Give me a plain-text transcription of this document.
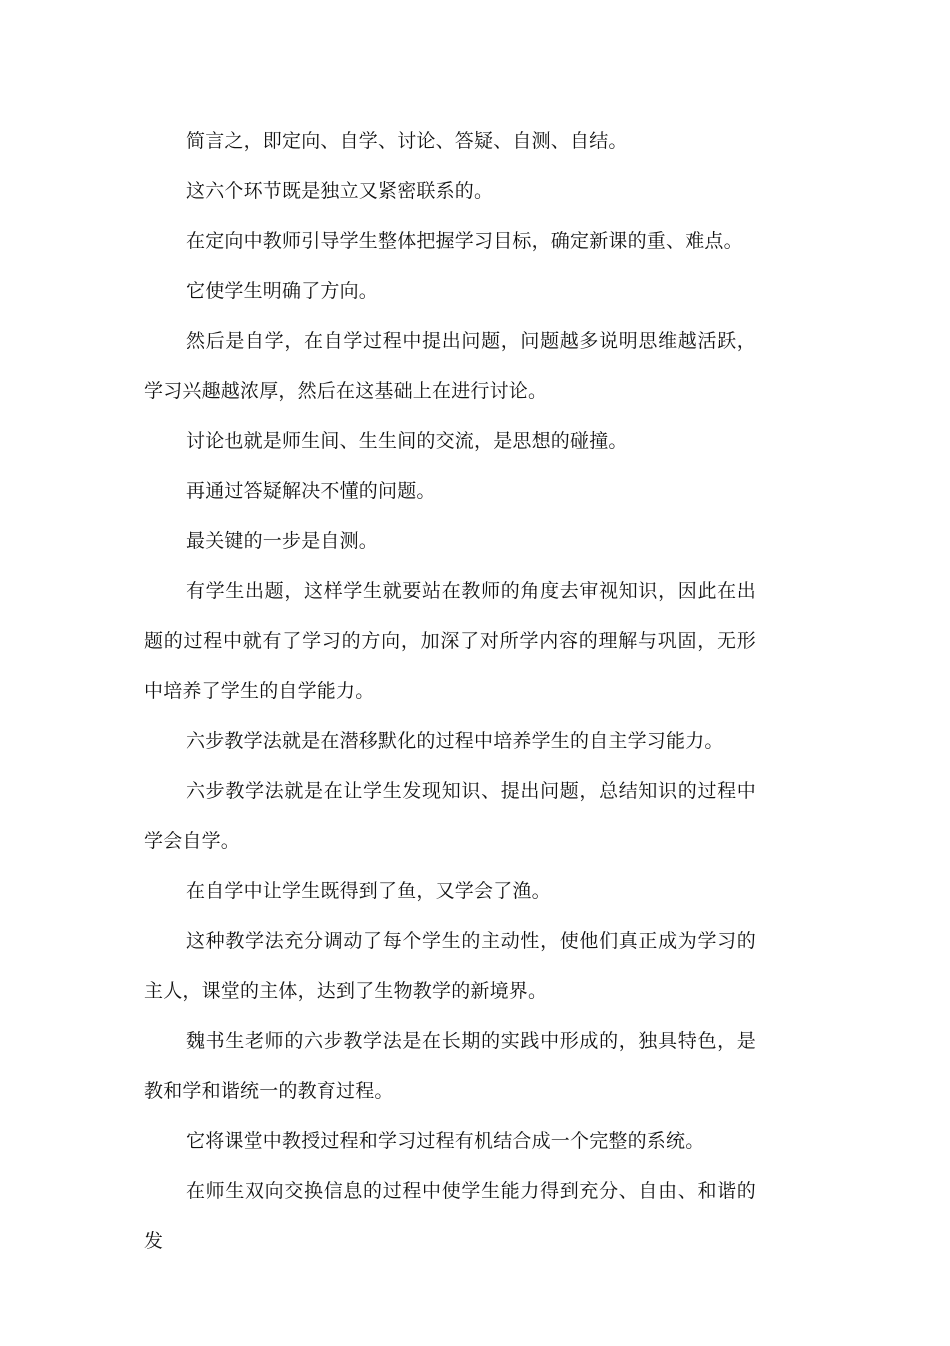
简言之，即定向、自学、讨论、答疑、自测、自结。

这六个环节既是独立又紧密联系的。

在定向中教师引导学生整体把握学习目标，确定新课的重、难点。

它使学生明确了方向。

然后是自学，在自学过程中提出问题，问题越多说明思维越活跃，学习兴趣越浓厚，然后在这基础上在进行讨论。

讨论也就是师生间、生生间的交流，是思想的碰撞。

再通过答疑解决不懂的问题。

最关键的一步是自测。

有学生出题，这样学生就要站在教师的角度去审视知识，因此在出题的过程中就有了学习的方向，加深了对所学内容的理解与巩固，无形中培养了学生的自学能力。

六步教学法就是在潜移默化的过程中培养学生的自主学习能力。

六步教学法就是在让学生发现知识、提出问题，总结知识的过程中学会自学。

在自学中让学生既得到了鱼，又学会了渔。

这种教学法充分调动了每个学生的主动性，使他们真正成为学习的主人，课堂的主体，达到了生物教学的新境界。

魏书生老师的六步教学法是在长期的实践中形成的，独具特色，是教和学和谐统一的教育过程。

它将课堂中教授过程和学习过程有机结合成一个完整的系统。

在师生双向交换信息的过程中使学生能力得到充分、自由、和谐的发
